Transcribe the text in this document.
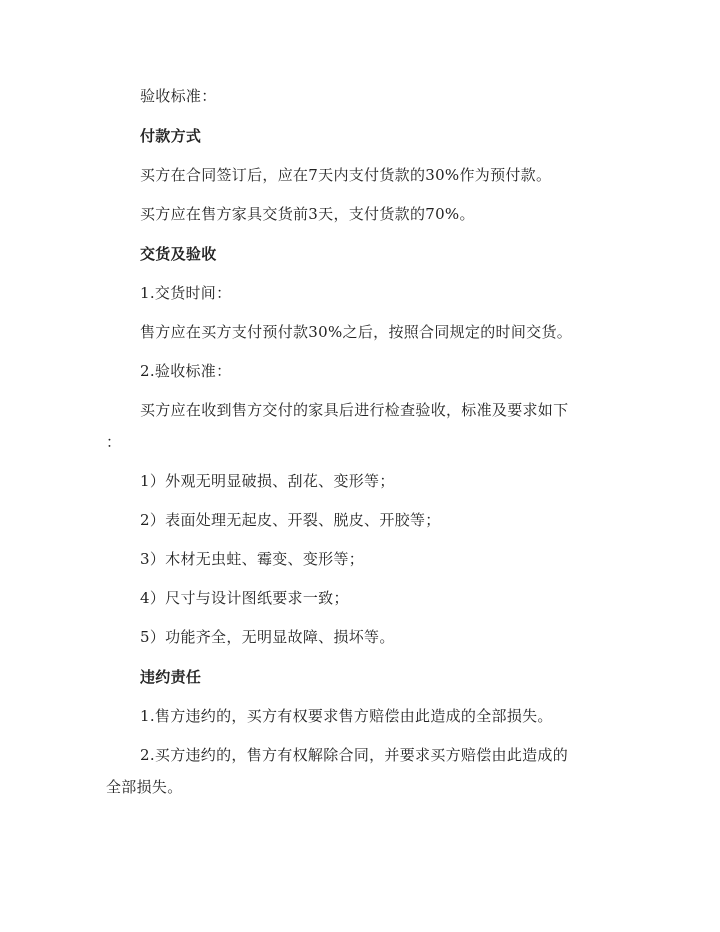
验收标准：
付款方式
买方在合同签订后，应在7天内支付货款的30%作为预付款。
买方应在售方家具交货前3天，支付货款的70%。
交货及验收
1.交货时间：
售方应在买方支付预付款30%之后，按照合同规定的时间交货。
2.验收标准：
买方应在收到售方交付的家具后进行检查验收，标准及要求如下
：
1）外观无明显破损、刮花、变形等；
2）表面处理无起皮、开裂、脱皮、开胶等；
3）木材无虫蛀、霉变、变形等；
4）尺寸与设计图纸要求一致；
5）功能齐全，无明显故障、损坏等。
违约责任
1.售方违约的，买方有权要求售方赔偿由此造成的全部损失。
2.买方违约的，售方有权解除合同，并要求买方赔偿由此造成的
全部损失。
